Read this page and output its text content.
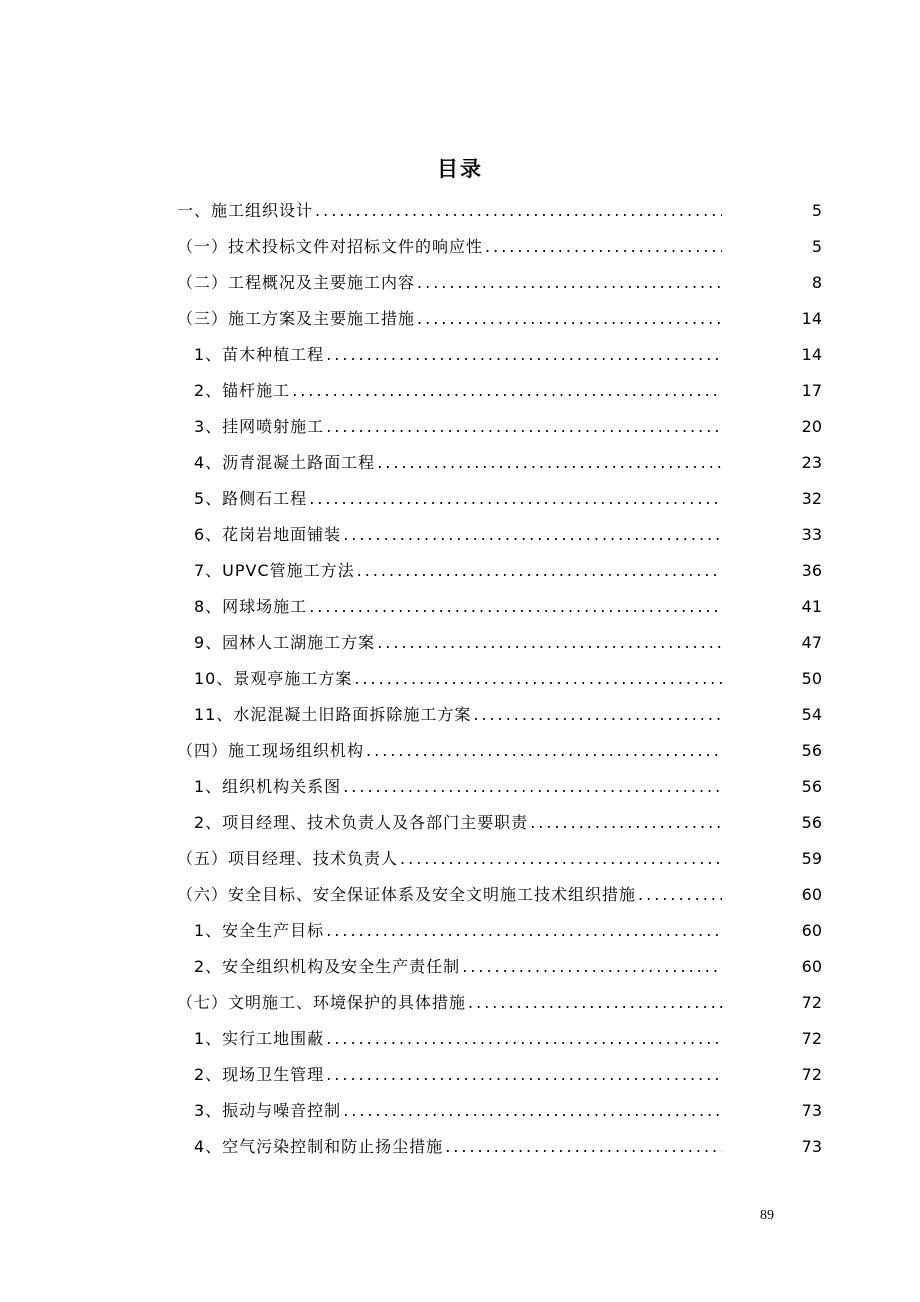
目录
一、施工组织设计 .....	5
（一）技术投标文件对招标文件的响应性 .....	5
（二）工程概况及主要施工内容 .....	8
（三）施工方案及主要施工措施 .....	14
1、苗木种植工程 .....	14
2、锚杆施工 .....	17
3、挂网喷射施工 .....	20
4、沥青混凝土路面工程 .....	23
5、路侧石工程 .....	32
6、花岗岩地面铺装 .....	33
7、UPVC管施工方法 .....	36
8、网球场施工 .....	41
9、园林人工湖施工方案 .....	47
10、景观亭施工方案 .....	50
11、水泥混凝土旧路面拆除施工方案 .....	54
（四）施工现场组织机构 .....	56
1、组织机构关系图 .....	56
2、项目经理、技术负责人及各部门主要职责 .....	56
（五）项目经理、技术负责人 .....	59
（六）安全目标、安全保证体系及安全文明施工技术组织措施 .....	60
1、安全生产目标 .....	60
2、安全组织机构及安全生产责任制 .....	60
（七）文明施工、环境保护的具体措施 .....	72
1、实行工地围蔽 .....	72
2、现场卫生管理 .....	72
3、振动与噪音控制 .....	73
4、空气污染控制和防止扬尘措施 .....	73
89
